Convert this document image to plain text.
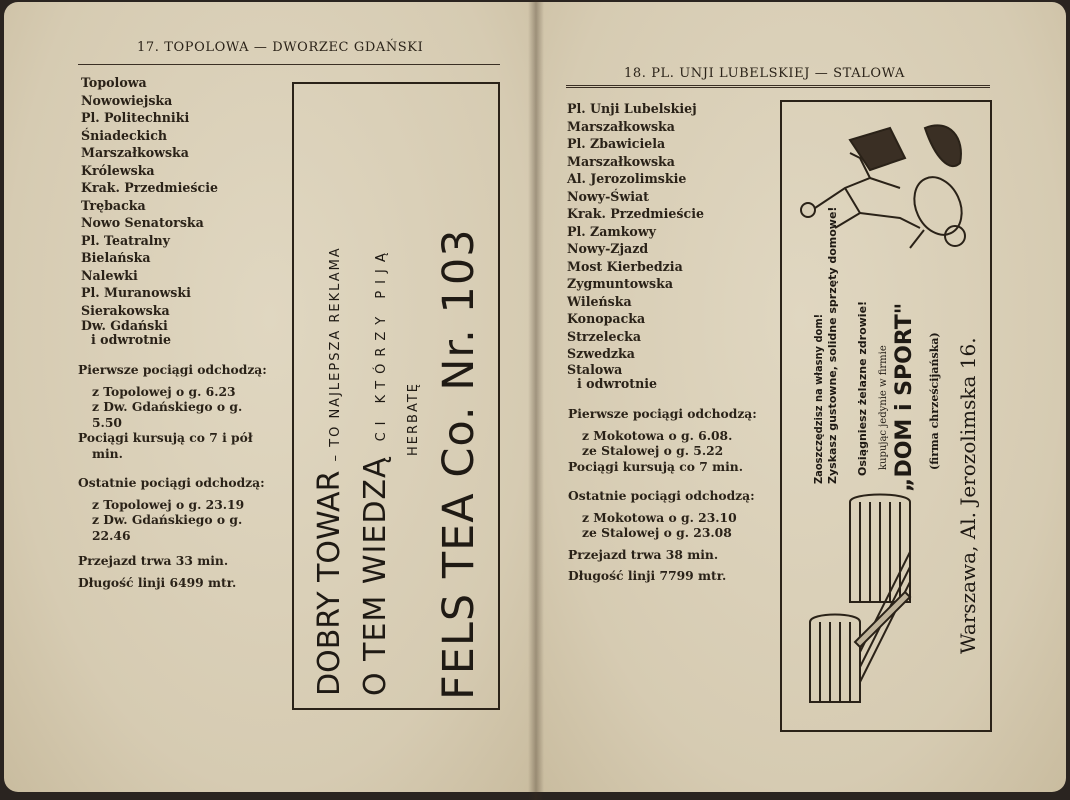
17. TOPOLOWA — DWORZEC GDAŃSKI
Topolowa
Nowowiejska
Pl. Politechniki
Śniadeckich
Marszałkowska
Królewska
Krak. Przedmieście
Trębacka
Nowo Senatorska
Pl. Teatralny
Bielańska
Nalewki
Pl. Muranowski
Sierakowska
Dw. Gdański
i odwrotnie
Pierwsze pociągi odchodzą:
z Topolowej o g. 6.23
z Dw. Gdańskiego o g.
5.50
Pociągi kursują co 7 i pół
min.
Ostatnie pociągi odchodzą:
z Topolowej o g. 23.19
z Dw. Gdańskiego o g.
22.46
Przejazd trwa 33 min.
Długość linji 6499 mtr.	DOBRY TOWAR – TO NAJLEPSZA REKLAMA
O TEM WIEDZĄ CI KTÓRZY PIJĄ	HERBATĘ FELS TEA Co. Nr. 103
18. PL. UNJI LUBELSKIEJ — STALOWA
Pl. Unji Lubelskiej
Marszałkowska
Pl. Zbawiciela
Marszałkowska
Al. Jerozolimskie
Nowy-Świat
Krak. Przedmieście
Pl. Zamkowy
Nowy-Zjazd
Most Kierbedzia
Zygmuntowska
Wileńska
Konopacka
Strzelecka
Szwedzka
Stalowa
i odwrotnie
Pierwsze pociągi odchodzą:
z Mokotowa o g. 6.08.
ze Stalowej o g. 5.22
Pociągi kursują co 7 min.
Ostatnie pociągi odchodzą:
z Mokotowa o g. 23.10
ze Stalowej o g. 23.08
Przejazd trwa 38 min.
Długość linji 7799 mtr.
Zaoszczędzisz na własny dom! Zyskasz gustowne, solidne sprzęty domowe! Osiągniesz żelazne zdrowie! kupując jedynie w firmie „DOM i SPORT" (firma chrześcijańska) Warszawa, Al. Jerozolimska 16.
